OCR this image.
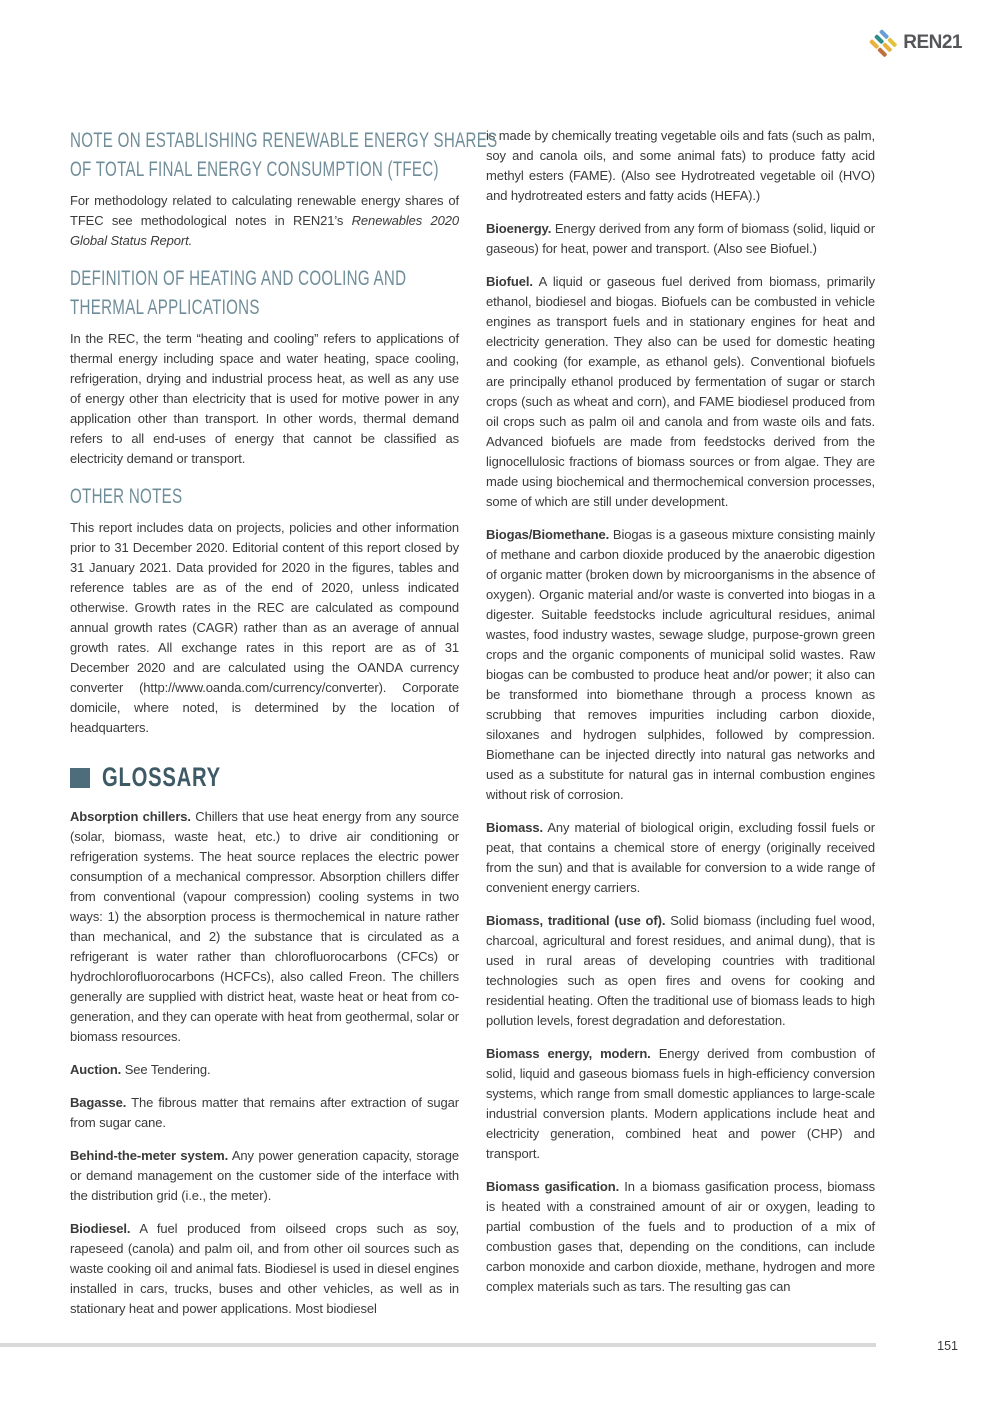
REN21
NOTE ON ESTABLISHING RENEWABLE ENERGY SHARES
OF TOTAL FINAL ENERGY CONSUMPTION (TFEC)

For methodology related to calculating renewable energy shares of TFEC see methodological notes in REN21’s Renewables 2020 Global Status Report.

DEFINITION OF HEATING AND COOLING AND
THERMAL APPLICATIONS

In the REC, the term “heating and cooling” refers to applications of thermal energy including space and water heating, space cooling, refrigeration, drying and industrial process heat, as well as any use of energy other than electricity that is used for motive power in any application other than transport. In other words, thermal demand refers to all end-uses of energy that cannot be classified as electricity demand or transport.

OTHER NOTES

This report includes data on projects, policies and other information prior to 31 December 2020. Editorial content of this report closed by 31 January 2021. Data provided for 2020 in the figures, tables and reference tables are as of the end of 2020, unless indicated otherwise. Growth rates in the REC are calculated as compound annual growth rates (CAGR) rather than as an average of annual growth rates. All exchange rates in this report are as of 31 December 2020 and are calculated using the OANDA currency converter (http://www.oanda.com/currency/converter). Corporate domicile, where noted, is determined by the location of headquarters.

GLOSSARY

Absorption chillers. Chillers that use heat energy from any source (solar, biomass, waste heat, etc.) to drive air conditioning or refrigeration systems. The heat source replaces the electric power consumption of a mechanical compressor. Absorption chillers differ from conventional (vapour compression) cooling systems in two ways: 1) the absorption process is thermochemical in nature rather than mechanical, and 2) the substance that is circulated as a refrigerant is water rather than chlorofluorocarbons (CFCs) or hydrochlorofluorocarbons (HCFCs), also called Freon. The chillers generally are supplied with district heat, waste heat or heat from co-generation, and they can operate with heat from geothermal, solar or biomass resources.

Auction. See Tendering.

Bagasse. The fibrous matter that remains after extraction of sugar from sugar cane.

Behind-the-meter system. Any power generation capacity, storage or demand management on the customer side of the interface with the distribution grid (i.e., the meter).

Biodiesel. A fuel produced from oilseed crops such as soy, rapeseed (canola) and palm oil, and from other oil sources such as waste cooking oil and animal fats. Biodiesel is used in diesel engines installed in cars, trucks, buses and other vehicles, as well as in stationary heat and power applications. Most biodiesel

is made by chemically treating vegetable oils and fats (such as palm, soy and canola oils, and some animal fats) to produce fatty acid methyl esters (FAME). (Also see Hydrotreated vegetable oil (HVO) and hydrotreated esters and fatty acids (HEFA).)

Bioenergy. Energy derived from any form of biomass (solid, liquid or gaseous) for heat, power and transport. (Also see Biofuel.)

Biofuel. A liquid or gaseous fuel derived from biomass, primarily ethanol, biodiesel and biogas. Biofuels can be combusted in vehicle engines as transport fuels and in stationary engines for heat and electricity generation. They also can be used for domestic heating and cooking (for example, as ethanol gels). Conventional biofuels are principally ethanol produced by fermentation of sugar or starch crops (such as wheat and corn), and FAME biodiesel produced from oil crops such as palm oil and canola and from waste oils and fats. Advanced biofuels are made from feedstocks derived from the lignocellulosic fractions of biomass sources or from algae. They are made using biochemical and thermochemical conversion processes, some of which are still under development.

Biogas/Biomethane. Biogas is a gaseous mixture consisting mainly of methane and carbon dioxide produced by the anaerobic digestion of organic matter (broken down by microorganisms in the absence of oxygen). Organic material and/or waste is converted into biogas in a digester. Suitable feedstocks include agricultural residues, animal wastes, food industry wastes, sewage sludge, purpose-grown green crops and the organic components of municipal solid wastes. Raw biogas can be combusted to produce heat and/or power; it also can be transformed into biomethane through a process known as scrubbing that removes impurities including carbon dioxide, siloxanes and hydrogen sulphides, followed by compression. Biomethane can be injected directly into natural gas networks and used as a substitute for natural gas in internal combustion engines without risk of corrosion.

Biomass. Any material of biological origin, excluding fossil fuels or peat, that contains a chemical store of energy (originally received from the sun) and that is available for conversion to a wide range of convenient energy carriers.

Biomass, traditional (use of). Solid biomass (including fuel wood, charcoal, agricultural and forest residues, and animal dung), that is used in rural areas of developing countries with traditional technologies such as open fires and ovens for cooking and residential heating. Often the traditional use of biomass leads to high pollution levels, forest degradation and deforestation.

Biomass energy, modern. Energy derived from combustion of solid, liquid and gaseous biomass fuels in high-efficiency conversion systems, which range from small domestic appliances to large-scale industrial conversion plants. Modern applications include heat and electricity generation, combined heat and power (CHP) and transport.

Biomass gasification. In a biomass gasification process, biomass is heated with a constrained amount of air or oxygen, leading to partial combustion of the fuels and to production of a mix of combustion gases that, depending on the conditions, can include carbon monoxide and carbon dioxide, methane, hydrogen and more complex materials such as tars. The resulting gas can

151
